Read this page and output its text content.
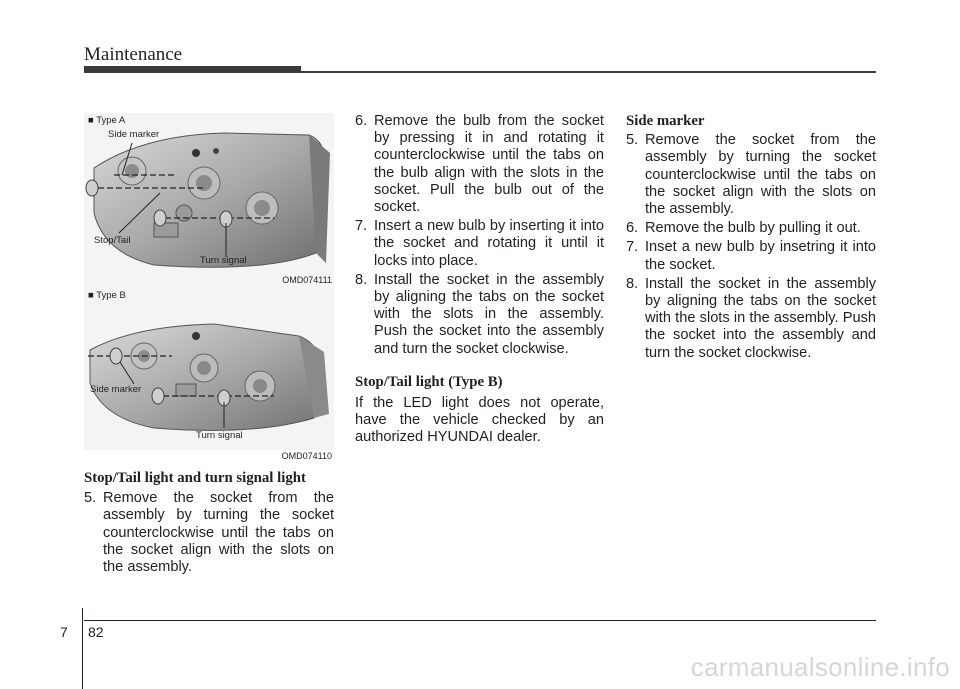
Maintenance
■ Type A
Side marker
Stop/Tail
Turn signal
OMD074111
■ Type B
Side marker
Turn signal
OMD074110
Stop/Tail light and turn signal light
5. Remove the socket from the assembly by turning the socket counterclockwise until the tabs on the socket align with the slots on the assembly.
6. Remove the bulb from the socket by pressing it in and rotating it counterclockwise until the tabs on the bulb align with the slots in the socket. Pull the bulb out of the socket.
7. Insert a new bulb by inserting it into the socket and rotating it until it locks into place.
8. Install the socket in the assembly by aligning the tabs on the socket with the slots in the assembly. Push the socket into the assembly and turn the socket clockwise.
Stop/Tail light (Type B)
If the LED light does not operate, have the vehicle checked by an authorized HYUNDAI dealer.
Side marker
5. Remove the socket from the assembly by turning the socket counterclockwise until the tabs on the socket align with the slots on the assembly.
6. Remove the bulb by pulling it out.
7. Inset a new bulb by insetring it into the socket.
8. Install the socket in the assembly by aligning the tabs on the socket with the slots in the assembly. Push the socket into the assembly and turn the socket clockwise.
7 82
carmanualsonline.info
